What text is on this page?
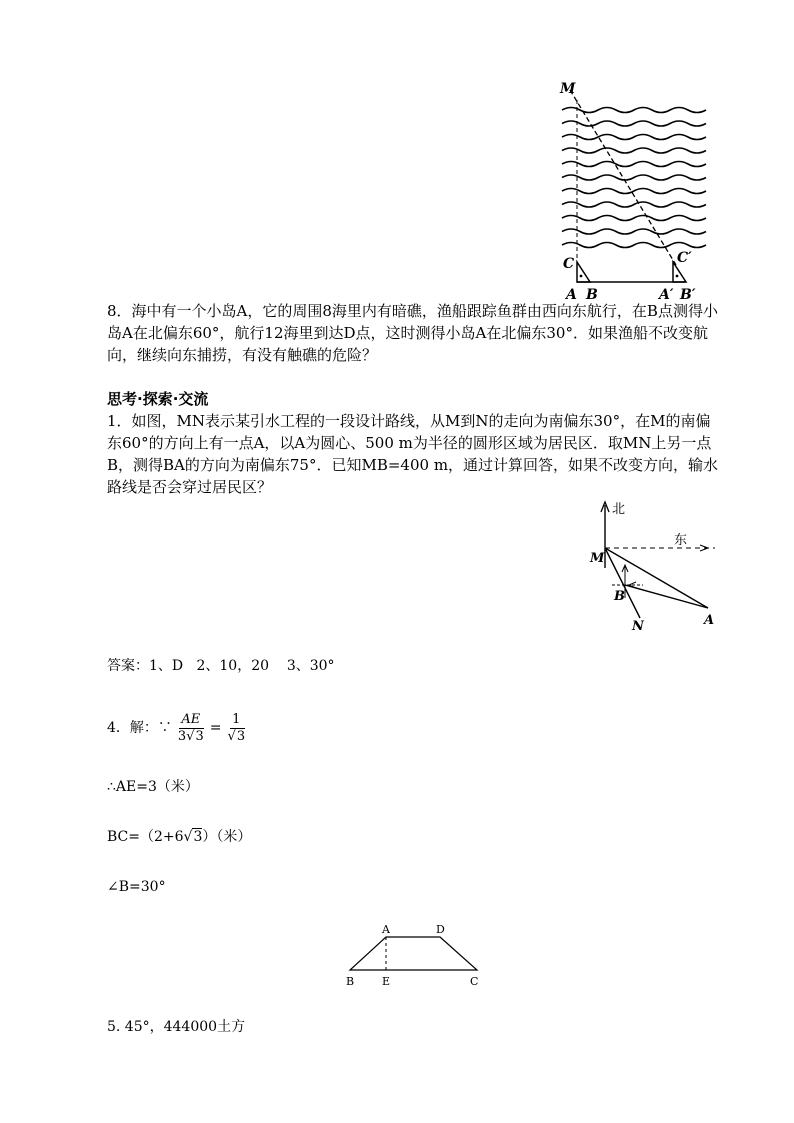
M
C	C′
A B	A′ B′
8．海中有一个小岛A，它的周围8海里内有暗礁，渔船跟踪鱼群由西向东航行，在B点测得小岛A在北偏东60°，航行12海里到达D点，这时测得小岛A在北偏东30°．如果渔船不改变航向，继续向东捕捞，有没有触礁的危险？
思考·探索·交流
1．如图，MN表示某引水工程的一段设计路线，从M到N的走向为南偏东30°，在M的南偏东60°的方向上有一点A，以A为圆心、500 m为半径的圆形区域为居民区．取MN上另一点B，测得BA的方向为南偏东75°．已知MB=400 m，通过计算回答，如果不改变方向，输水路线是否会穿过居民区？
北
东
M
B
N	A
答案：1、D   2、10，20    3、30°
4．解：∵ $\frac{AE}{3√3} = \frac{1}{√3}$
∴AE=3（米）
BC=（2+6√3）（米）
∠B=30°
A	D
B	E	C
5. 45°，444000土方
